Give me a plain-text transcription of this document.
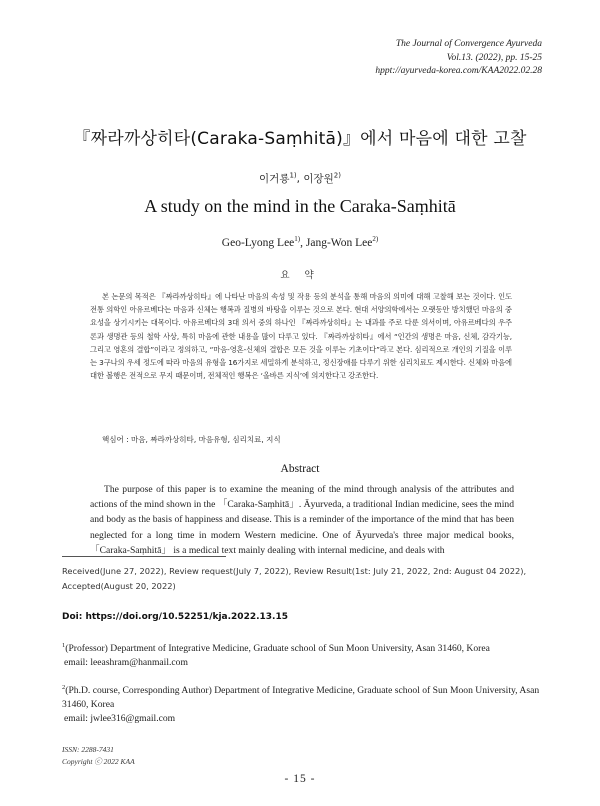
The Journal of Convergence Ayurveda
Vol.13. (2022), pp. 15-25
hppt://ayurveda-korea.com/KAA2022.02.28
『짜라까상히타(Caraka-Saṃhitā)』에서 마음에 대한 고찰
이거룡$^{1)}$, 이장원$^{2)}$
A study on the mind in the Caraka-Saṃhitā
Geo-Lyong Lee$^{1)}$, Jang-Won Lee$^{2)}$
요 약

본 논문의 목적은 『짜라까상히타』에 나타난 마음의 속성 및 작용 등의 분석을 통해 마음의 의미에 대해 고찰해 보는 것이다. 인도 전통 의학인 아유르베다는 마음과 신체는 행복과 질병의 바탕을 이루는 것으로 본다. 현대 서양의학에서는 오랫동안 방치했던 마음의 중요성을 상기시키는 대목이다. 아유르베다의 3대 의서 중의 하나인 『짜라까상히타』는 내과를 주로 다룬 의서이며, 아유르베다의 우주론과 생명관 등의 철학 사상, 특히 마음에 관한 내용을 많이 다루고 있다. 『짜라까상히타』에서 “인간의 생명은 마음, 신체, 감각기능, 그리고 영혼의 결합”이라고 정의하고, “마음-영혼-신체의 결합은 모든 것을 이루는 기초이다”라고 본다. 심리적으로 개인의 기질을 이루는 3구나의 우세 정도에 따라 마음의 유형을 16가지로 세밀하게 분석하고, 정신장애를 다루기 위한 심리치료도 제시한다. 신체와 마음에 대한 볼행은 전적으로 무지 때문이며, 전체적인 행복은 ‘올바른 지식’에 의지한다고 강조한다.

핵심어 : 마음 , 짜라까상히타 , 마음유형 , 심리치료 , 지식
Abstract

The purpose of this paper is to examine the meaning of the mind through analysis of the attributes and actions of the mind shown in the 「Caraka-Saṃhitā」. Āyurveda, a traditional Indian medicine, sees the mind and body as the basis of happiness and disease. This is a reminder of the importance of the mind that has been neglected for a long time in modern Western medicine. One of Āyurveda's three major medical books, 「Caraka-Saṃhitā」 is a medical text mainly dealing with internal medicine, and deals with

Received(June 27, 2022), Review request(July 7, 2022), Review Result(1st: July 21, 2022, 2nd: August 04 2022), Accepted(August 20, 2022)

Doi: https://doi.org/10.52251/kja.2022.13.15

$^1$(Professor) Department of Integrative Medicine, Graduate school of Sun Moon University, Asan 31460, Korea
email: leeashram@hanmail.com

$^2$(Ph.D. course, Corresponding Author) Department of Integrative Medicine, Graduate school of Sun Moon University, Asan 31460, Korea
email: jwlee316@gmail.com

ISSN: 2288-7431
Copyright ⓒ 2022 KAA
- 15 -
